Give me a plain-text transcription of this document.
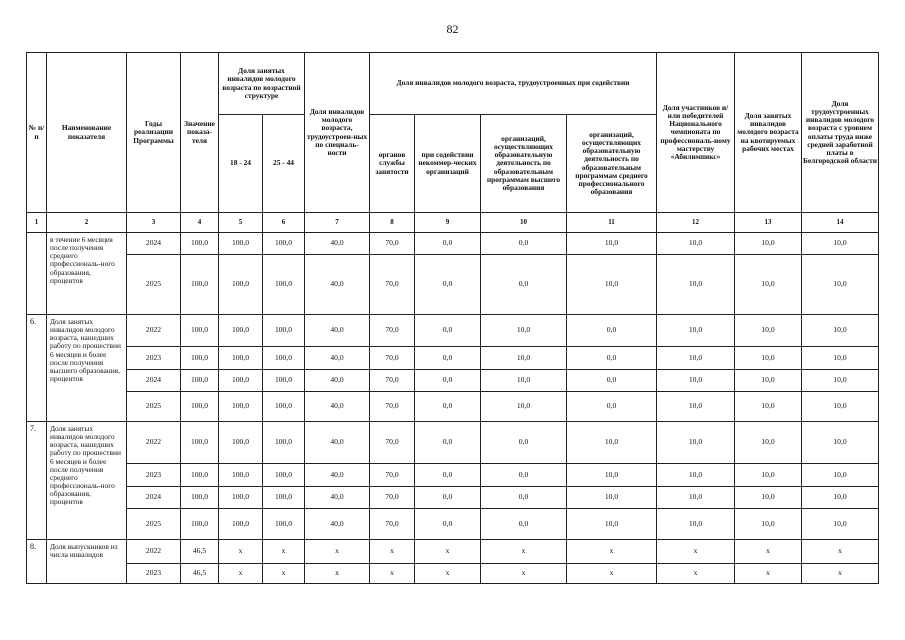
82
№ п/п	Наименование показателя	Годы реализации Программы	Значение показа-теля	Доля занятых инвалидов молодого возраста по возрастной структуре		Доля инвалидов молодого возраста, трудоустроен-ных по специаль-ности	Доля инвалидов молодого возраста, трудоустроенных при содействии				Доля участников и/или победителей Национального чемпионата по профессиональ-ному мастерству «Абилимпикс»	Доля занятых инвалидов молодого возраста на квотируемых рабочих местах	Доля трудоустроенных инвалидов молодого возраста с уровнем оплаты труда ниже средней заработной платы в Белгородской области
				18 - 24	25 - 44		органов службы занятости	при содействии некоммер-ческих организаций	организаций, осуществляющих образовательную деятельность по образовательным программам высшего образования	организаций, осуществляющих образовательную деятельность по образовательным программам среднего профессионального образования			
1	2	3	4	5	6	7	8	9	10	11	12	13	14
	в течение 6 месяцев после получения среднего профессиональ-ного образования, процентов	2024	100,0	100,0	100,0	40,0	70,0	0,0	0,0	10,0	10,0	10,0	10,0
		2025	100,0	100,0	100,0	40,0	70,0	0,0	0,0	10,0	10,0	10,0	10,0
6.	Доля занятых инвалидов молодого возраста, нашедших работу по прошествии 6 месяцев и более после получения высшего образования, процентов	2022	100,0	100,0	100,0	40,0	70,0	0,0	10,0	0,0	10,0	10,0	10,0
		2023	100,0	100,0	100,0	40,0	70,0	0,0	10,0	0,0	10,0	10,0	10,0
		2024	100,0	100,0	100,0	40,0	70,0	0,0	10,0	0,0	10,0	10,0	10,0
		2025	100,0	100,0	100,0	40,0	70,0	0,0	10,0	0,0	10,0	10,0	10,0
7.	Доля занятых инвалидов молодого возраста, нашедших работу по прошествии 6 месяцев и более после получения среднего профессиональ-ного образования, процентов	2022	100,0	100,0	100,0	40,0	70,0	0,0	0,0	10,0	10,0	10,0	10,0
		2023	100,0	100,0	100,0	40,0	70,0	0,0	0,0	10,0	10,0	10,0	10,0
		2024	100,0	100,0	100,0	40,0	70,0	0,0	0,0	10,0	10,0	10,0	10,0
		2025	100,0	100,0	100,0	40,0	70,0	0,0	0,0	10,0	10,0	10,0	10,0
8.	Доля выпускников из числа инвалидов	2022	46,5	x	x	x	x	x	x	x	x	x	x
		2023	46,5	x	x	x	x	x	x	x	x	x	x
